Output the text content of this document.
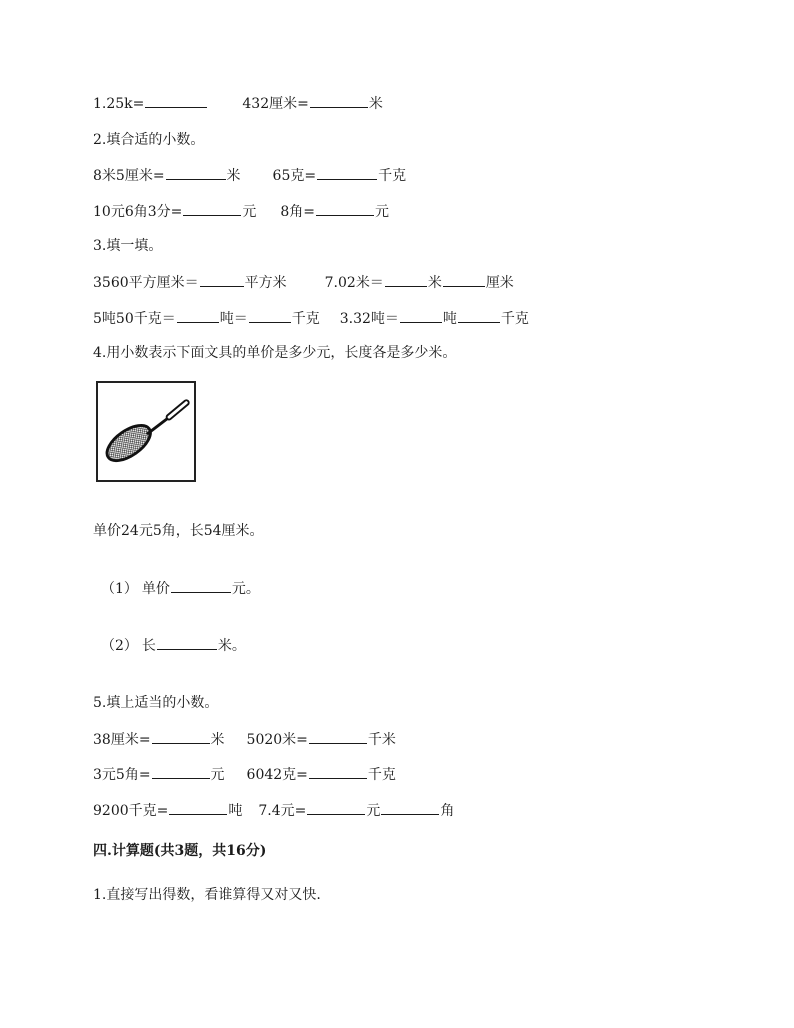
1.25k=	432厘米=	米
2.填合适的小数。
8米5厘米=	米 65克=	千克
10元6角3分=	元 8角=	元
3.填一填。
3560平方厘米＝	平方米	7.02米＝	米	厘米
5吨50千克＝	吨＝	千克 3.32吨＝	吨	千克
4.用小数表示下面文具的单价是多少元，长度各是多少米。
单价24元5角，长54厘米。
（1） 单价	元。
（2） 长	米。
5.填上适当的小数。
38厘米=	米 5020米=	千米
3元5角=	元 6042克=	千克
9200千克=	吨 7.4元=	元	角
四.计算题(共3题，共16分)
1.直接写出得数，看谁算得又对又快.
